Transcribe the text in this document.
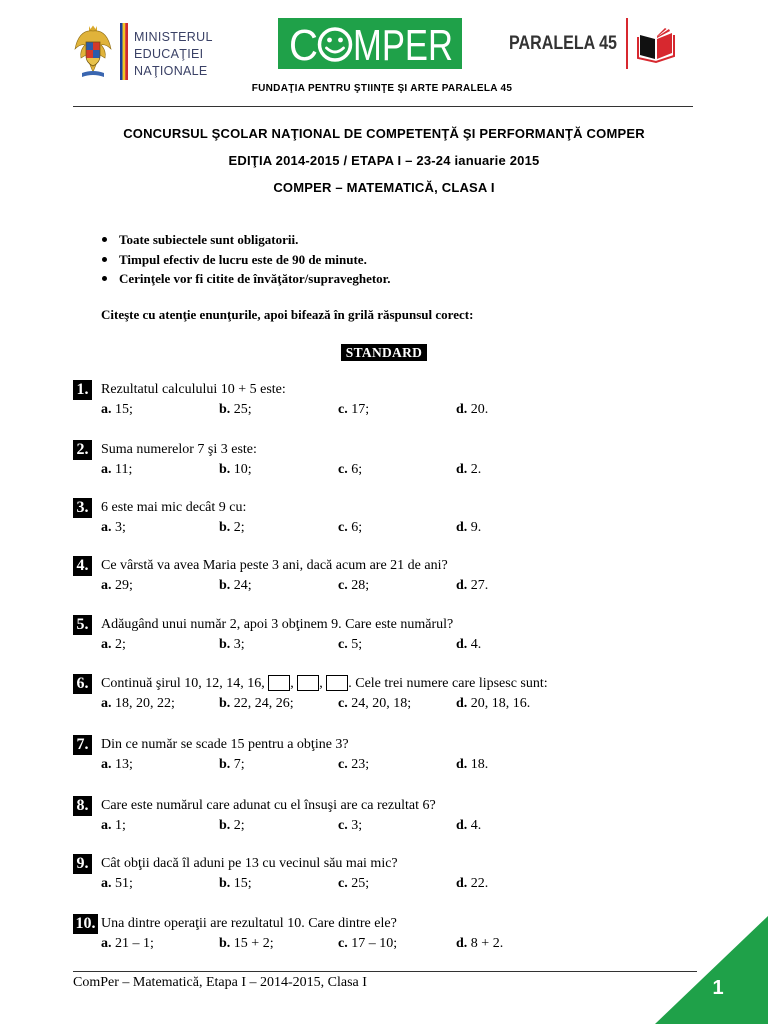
MINISTERUL
EDUCAŢIEI
NAŢIONALE
C MPER	PARALELA 45
FUNDAŢIA PENTRU ŞTIINŢE ŞI ARTE PARALELA 45
CONCURSUL ŞCOLAR NAŢIONAL DE COMPETENŢĂ ŞI PERFORMANŢĂ COMPER
EDIŢIA 2014-2015 / ETAPA I – 23-24 ianuarie 2015
COMPER – MATEMATICĂ, CLASA I
Toate subiectele sunt obligatorii.
Timpul efectiv de lucru este de 90 de minute.
Cerinţele vor fi citite de învăţător/supraveghetor.
Citeşte cu atenţie enunţurile, apoi bifează în grilă răspunsul corect:
STANDARD
1. Rezultatul calculului 10 + 5 este:
a. 15;	b. 25;	c. 17;	d. 20.
2. Suma numerelor 7 şi 3 este:
a. 11;	b. 10;	c. 6;	d. 2.
3. 6 este mai mic decât 9 cu:
a. 3;	b. 2;	c. 6;	d. 9.
4. Ce vârstă va avea Maria peste 3 ani, dacă acum are 21 de ani?
a. 29;	b. 24;	c. 28;	d. 27.
5. Adăugând unui număr 2, apoi 3 obţinem 9. Care este numărul?
a. 2;	b. 3;	c. 5;	d. 4.
6. Continuă şirul 10, 12, 14, 16, , , . Cele trei numere care lipsesc sunt:
a. 18, 20, 22;	b. 22, 24, 26;	c. 24, 20, 18;	d. 20, 18, 16.
7. Din ce număr se scade 15 pentru a obţine 3?
a. 13;	b. 7;	c. 23;	d. 18.
8. Care este numărul care adunat cu el însuşi are ca rezultat 6?
a. 1;	b. 2;	c. 3;	d. 4.
9. Cât obţii dacă îl aduni pe 13 cu vecinul său mai mic?
a. 51;	b. 15;	c. 25;	d. 22.
10. Una dintre operaţii are rezultatul 10. Care dintre ele?
a. 21 – 1;	b. 15 + 2;	c. 17 – 10;	d. 8 + 2.
ComPer – Matematică, Etapa I – 2014-2015, Clasa I	1
